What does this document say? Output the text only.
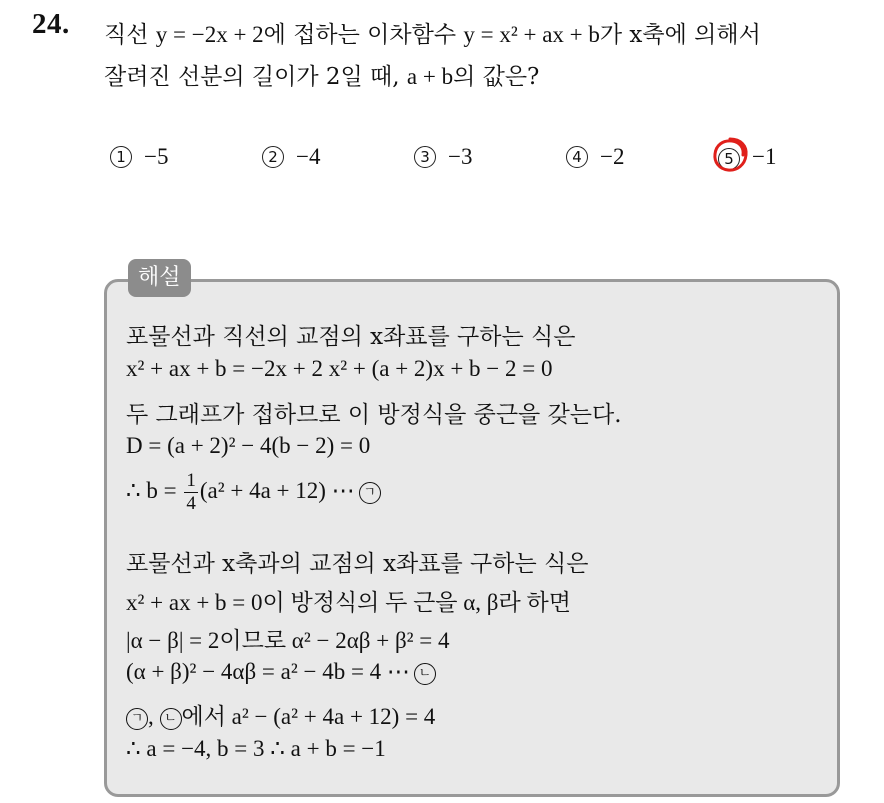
24. 직선 y = −2x + 2에 접하는 이차함수 y = x² + ax + b가 x축에 의해서
잘려진 선분의 길이가 2일 때, a + b의 값은?
1 −5	2 −4	3 −3	4 −2	5 −1
해설
포물선과 직선의 교점의 x좌표를 구하는 식은
x² + ax + b = −2x + 2 x² + (a + 2)x + b − 2 = 0
두 그래프가 접하므로 이 방정식을 중근을 갖는다.
D = (a + 2)² − 4(b − 2) = 0
∴ $b = \frac{1}{4} (a^2 + 4a + 12)$ ⋯ ㄱ
포물선과 x축과의 교점의 x좌표를 구하는 식은
x² + ax + b = 0이 방정식의 두 근을 α, β라 하면
|α − β| = 2이므로 α² − 2αβ + β² = 4
(α + β)² − 4αβ = a² − 4b = 4 ⋯ ㄴ
ㄱ , ㄴ 에서 a² − (a² + 4a + 12) = 4
∴ a = −4, b = 3 ∴ a + b = −1
